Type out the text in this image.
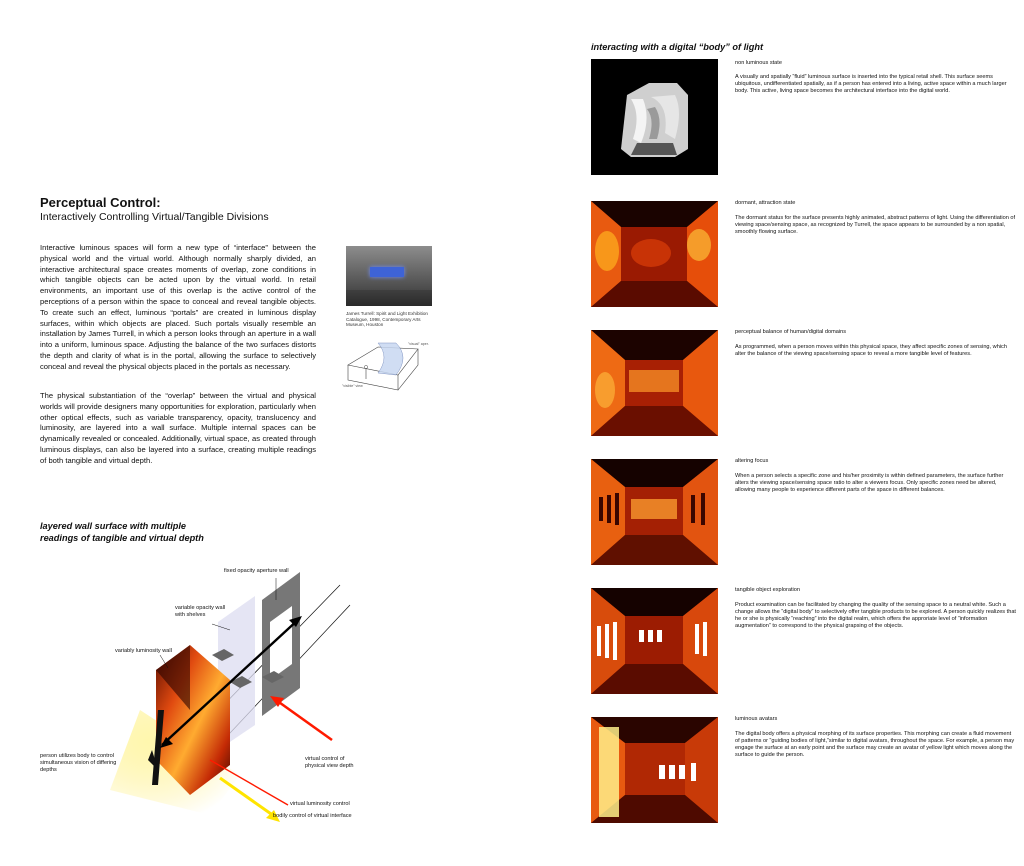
Perceptual Control:
Interactively Controlling Virtual/Tangible Divisions

Interactive luminous spaces will form a new type of “interface” between the physical world and the virtual world. Although normally sharply divided, an interactive architectural space creates moments of overlap, zone conditions in which tangible objects can be acted upon by the virtual world. In retail environments, an important use of this overlap is the active control of the perceptions of a person within the space to conceal and reveal tangible objects. To create such an effect, luminous “portals” are created in luminous display surfaces, within which objects are placed. Such portals visually resemble an installation by James Turrell, in which a person looks through an aperture in a wall into a uniform, luminous space. Adjusting the balance of the two surfaces distorts the depth and clarity of what is in the portal, allowing the surface to selectively conceal and reveal the physical objects placed in the portals as necessary.

The physical substantiation of the “overlap” between the virtual and physical worlds will provide designers many opportunities for exploration, particularly when other optical effects, such as variable transparency, opacity, translucency and luminosity, are layered into a wall surface. Multiple internal spaces can be dynamically revealed or concealed. Additionally, virtual space, as created through luminous displays, can also be layered into a surface, creating multiple readings of both tangible and virtual depth.

James Turrell: Spirit and Light Exhibition Catalogue, 1998, Contemporary Arts Museum, Houston
"visual" aper.
"visible" view
layered wall surface with multiple
readings of tangible and virtual depth
fixed opacity aperture wall
variable opacity wall
with shelves
variably luminosity wall
person utilizes body to control
simultaneous vision of differing
depths
virtual control of
physical view depth
virtual luminosity control
bodily control of virtual interface
interacting with a digital “body” of light
non luminous state
A visually and spatially “fluid” luminous surface is inserted into the typical retail shell. This surface seems ubiquitous, undifferentiated spatially, as if a person has entered into a living, active space within a much larger body. This active, living space becomes the architectural interface into the digital world.
dormant, attraction state
The dormant status for the surface presents highly animated, abstract patterns of light. Using the differentiation of viewing space/sensing space, as recognized by Turrell, the space appears to be surrounded by a non spatial, smoothly flowing surface.
perceptual balance of human/digital domains
As programmed, when a person moves within this physical space, they affect specific zones of sensing, which alter the balance of the viewing space/sensing space to reveal a more tangible level of features.
altering focus
When a person selects a specific zone and his/her proximity is within defined parameters, the surface further alters the viewing space/sensing space ratio to alter a viewers focus. Only specific zones need be altered, allowing many people to experience different parts of the space in different balances.
tangible object exploration
Product examination can be facilitated by changing the quality of the sensing space to a neutral white. Such a change allows the “digital body” to selectively offer tangible products to be explored. A person quickly realizes that he or she is physically “reaching” into the digital realm, which offers the approriate level of “information augmentation” to correspond to the physical grapsing of the objects.
luminous avatars
The digital body offers a physical morphing of its surface properties. This morphing can create a fluid movement of patterns or “guiding bodies of light,”similar to digital avatars, throughout the space. For example, a person may engage the surface at an early point and the surface may create an avatar of yellow light which moves along the surface to guide the person.
